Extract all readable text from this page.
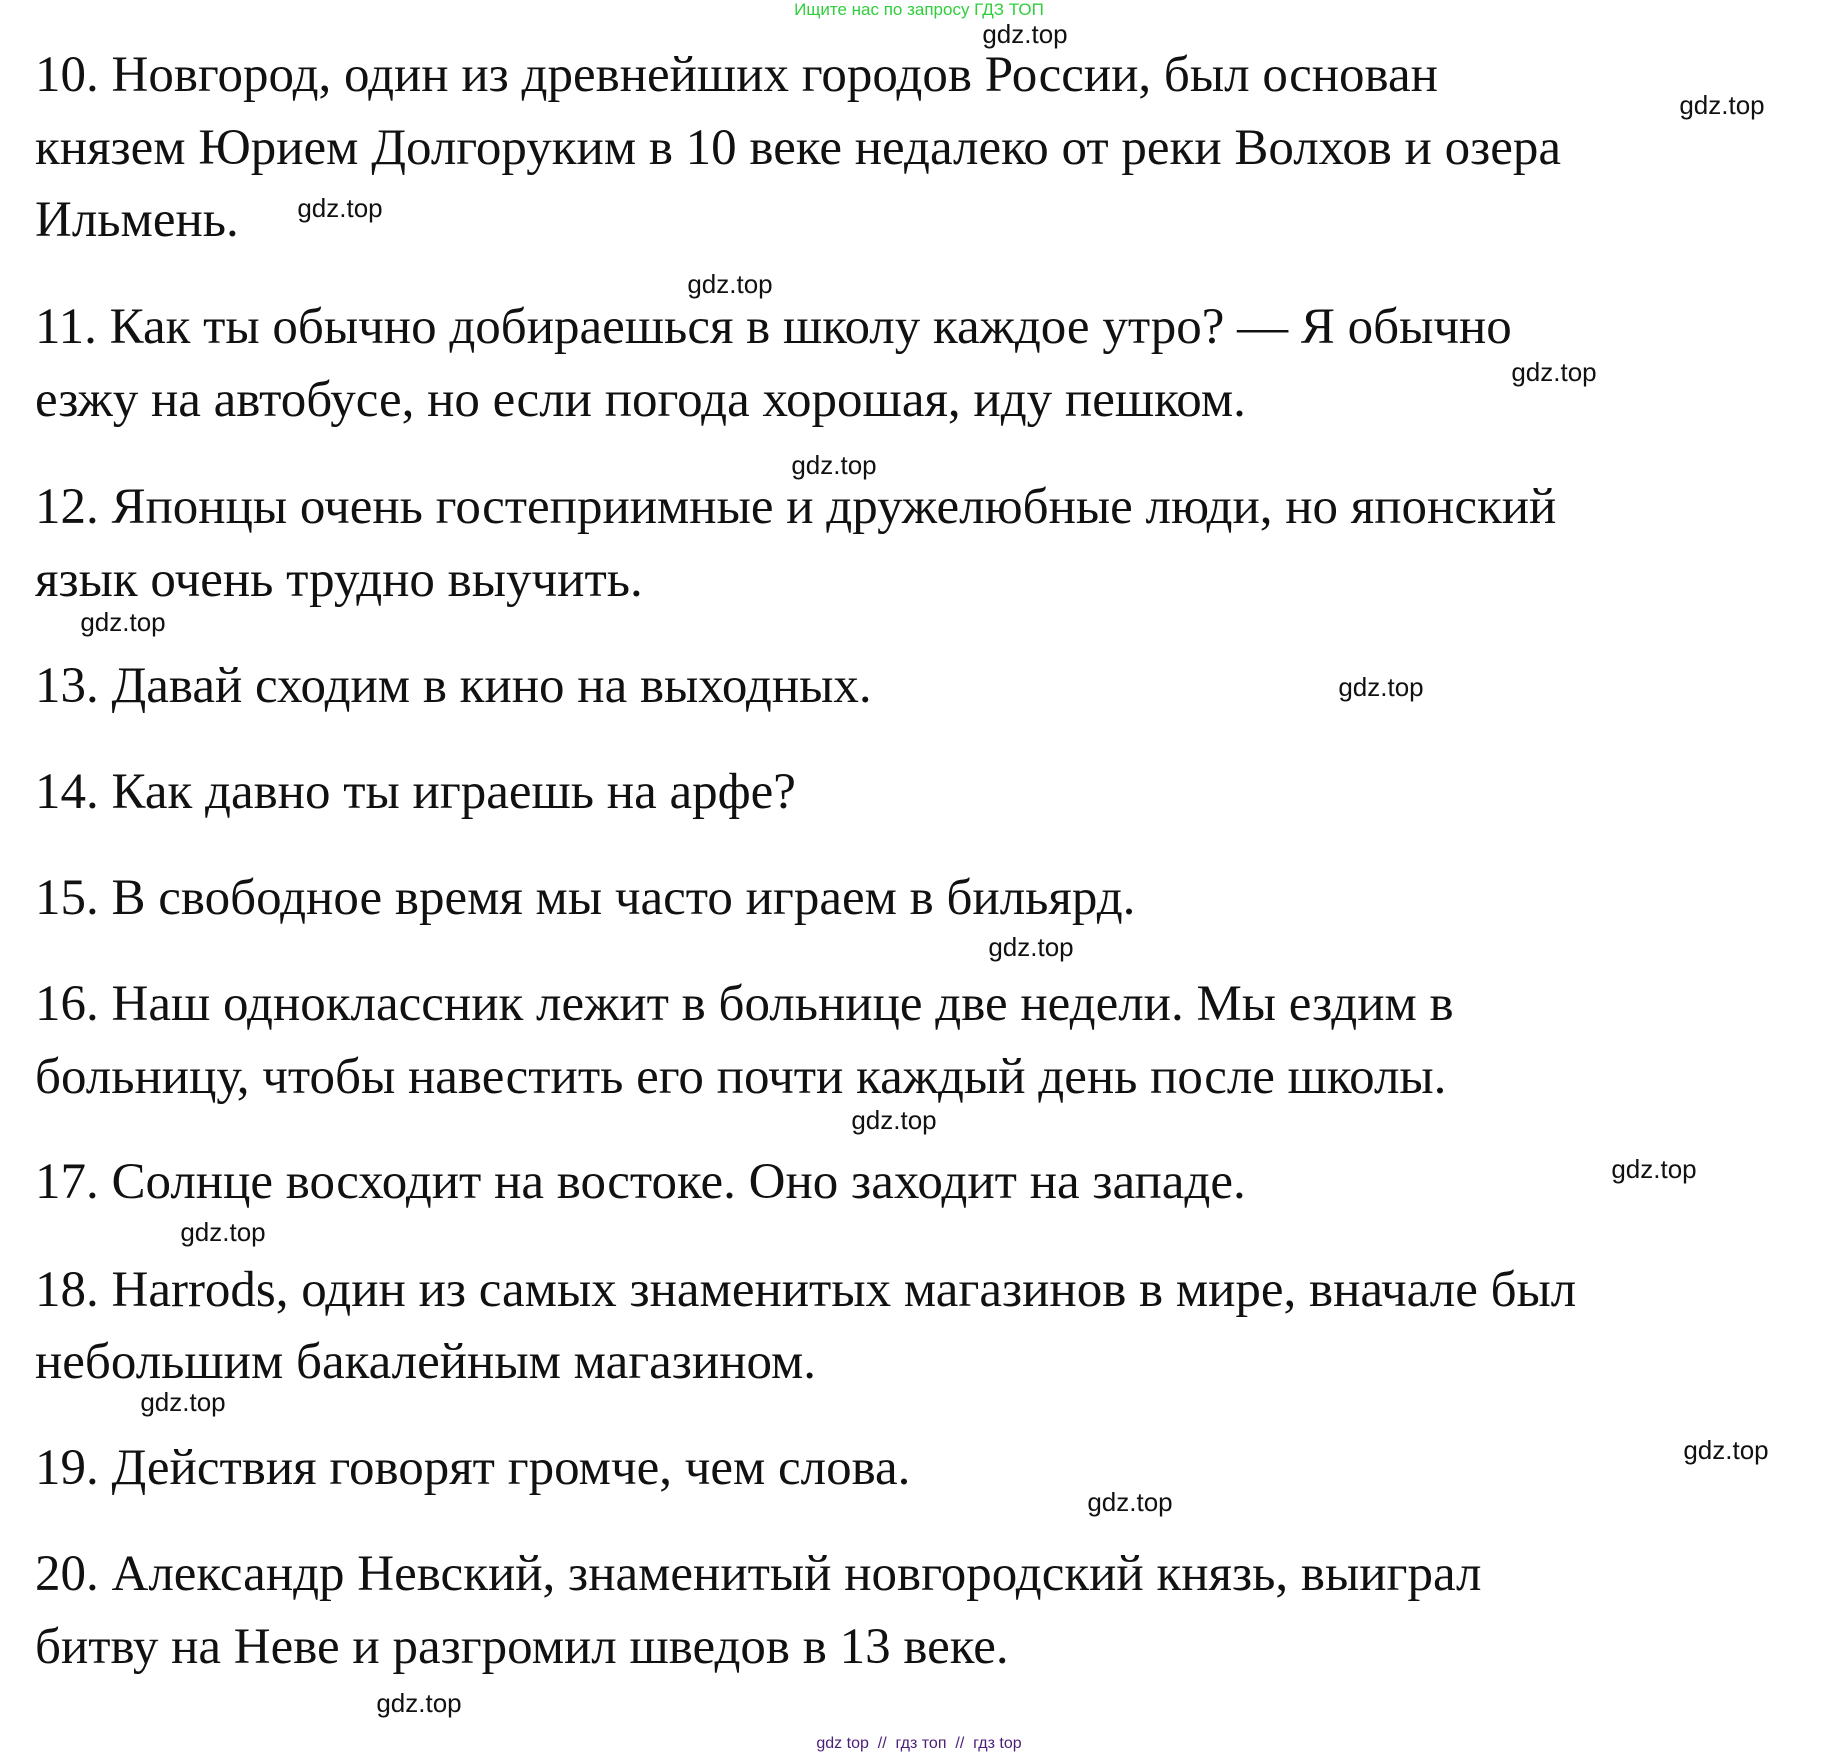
Ищите нас по запросу ГДЗ ТОП
10. Новгород, один из древнейших городов России, был основан
князем Юрием Долгоруким в 10 веке недалеко от реки Волхов и озера
Ильмень.
11. Как ты обычно добираешься в школу каждое утро? — Я обычно
езжу на автобусе, но если погода хорошая, иду пешком.
12. Японцы очень гостеприимные и дружелюбные люди, но японский
язык очень трудно выучить.
13. Давай сходим в кино на выходных.
14. Как давно ты играешь на арфе?
15. В свободное время мы часто играем в бильярд.
16. Наш одноклассник лежит в больнице две недели. Мы ездим в
больницу, чтобы навестить его почти каждый день после школы.
17. Солнце восходит на востоке. Оно заходит на западе.
18. Harrods, один из самых знаменитых магазинов в мире, вначале был
небольшим бакалейным магазином.
19. Действия говорят громче, чем слова.
20. Александр Невский, знаменитый новгородский князь, выиграл
битву на Неве и разгромил шведов в 13 веке.
gdz.top
gdz.top
gdz.top
gdz.top
gdz.top
gdz.top
gdz.top
gdz.top
gdz.top
gdz.top
gdz.top
gdz.top
gdz.top
gdz.top
gdz.top
gdz.top
gdz top  //  гдз топ  //  гдз top
